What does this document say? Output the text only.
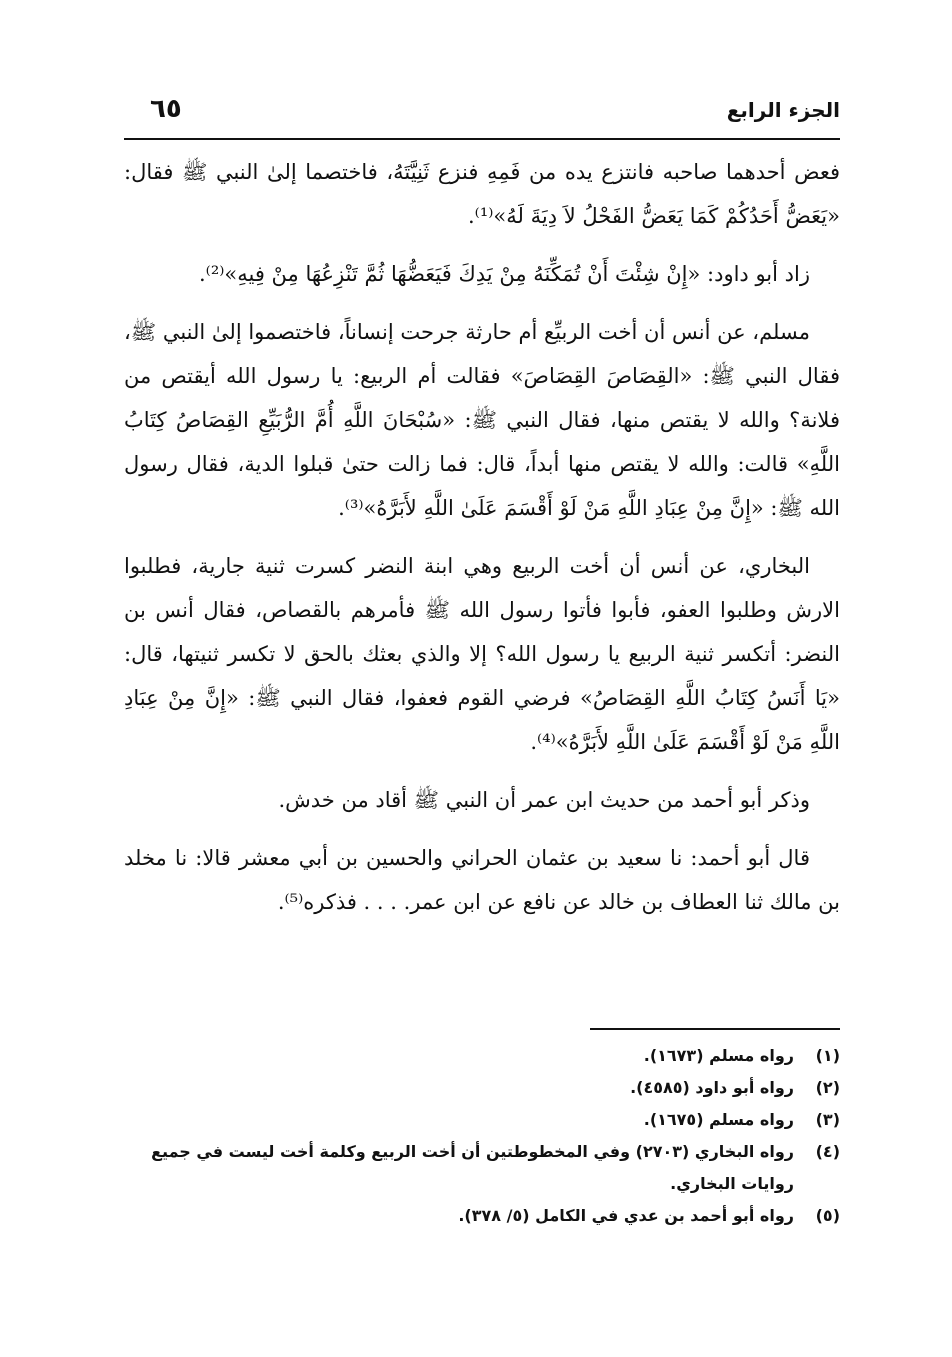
الجزء الرابع
٦٥

فعض أحدهما صاحبه فانتزع يده من فَمِهِ فنزع ثَنِيَّتَهُ، فاختصما إلىٰ النبي ﷺ فقال: «يَعَضُّ أَحَدُكُمْ كَمَا يَعَضُّ الفَحْلُ لاَ دِيَةَ لَهُ»⁽¹⁾.

زاد أبو داود: «إِنْ شِئْتَ أَنْ تُمَكِّنَهُ مِنْ يَدِكَ فَيَعَضُّهَا ثُمَّ تَنْزِعُهَا مِنْ فِيهِ»⁽²⁾.

مسلم، عن أنس أن أخت الربيِّع أم حارثة جرحت إنساناً، فاختصموا إلىٰ النبي ﷺ، فقال النبي ﷺ: «القِصَاصَ القِصَاصَ» فقالت أم الربيع: يا رسول الله أيقتص من فلانة؟ والله لا يقتص منها، فقال النبي ﷺ: «سُبْحَانَ اللَّهِ أُمَّ الرُّبَيِّعِ القِصَاصُ كِتَابُ اللَّهِ» قالت: والله لا يقتص منها أبداً، قال: فما زالت حتىٰ قبلوا الدية، فقال رسول الله ﷺ: «إِنَّ مِنْ عِبَادِ اللَّهِ مَنْ لَوْ أَقْسَمَ عَلَىٰ اللَّهِ لأَبَرَّهُ»⁽³⁾.

البخاري، عن أنس أن أخت الربيع وهي ابنة النضر كسرت ثنية جارية، فطلبوا الارش وطلبوا العفو، فأبوا فأتوا رسول الله ﷺ فأمرهم بالقصاص، فقال أنس بن النضر: أتكسر ثنية الربيع يا رسول الله؟ إلا والذي بعثك بالحق لا تكسر ثنيتها، قال: «يَا أَنَسُ كِتَابُ اللَّهِ القِصَاصُ» فرضي القوم فعفوا، فقال النبي ﷺ: «إِنَّ مِنْ عِبَادِ اللَّهِ مَنْ لَوْ أَقْسَمَ عَلَىٰ اللَّهِ لأَبَرَّهُ»⁽⁴⁾.

وذكر أبو أحمد من حديث ابن عمر أن النبي ﷺ أقاد من خدش.

قال أبو أحمد: نا سعيد بن عثمان الحراني والحسين بن أبي معشر قالا: نا مخلد بن مالك ثنا العطاف بن خالد عن نافع عن ابن عمر. . . . فذكره⁽⁵⁾.

(١)رواه مسلم (١٦٧٣).

(٢)رواه أبو داود (٤٥٨٥).

(٣)رواه مسلم (١٦٧٥).

(٤)رواه البخاري (٢٧٠٣) وفي المخطوطتين أن أخت الربيع وكلمة أخت ليست في جميع روايات البخاري.

(٥)رواه أبو أحمد بن عدي في الكامل (٥/ ٣٧٨).
